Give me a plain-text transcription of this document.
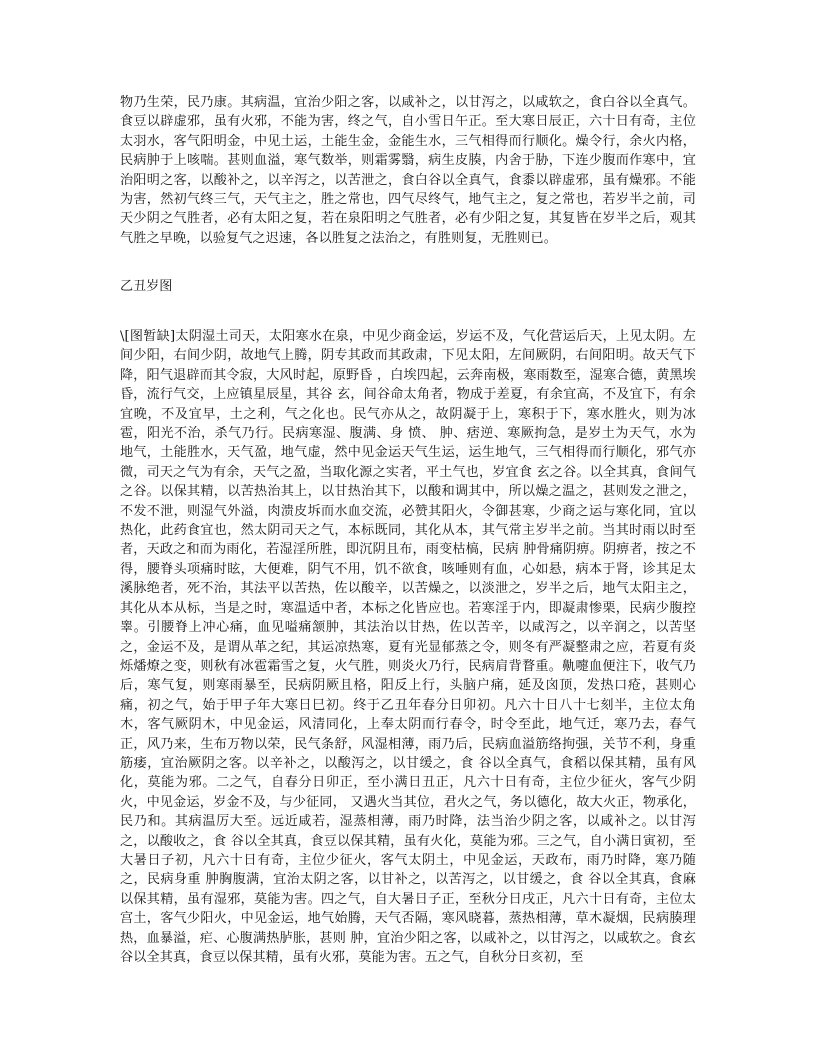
物乃生荣，民乃康。其病温，宜治少阳之客，以咸补之，以甘泻之，以咸软之，食白谷以全真气。食豆以辟虚邪，虽有火邪，不能为害，终之气，自小雪日午正。至大寒日辰正，六十日有奇，主位太羽水，客气阳明金，中见土运，土能生金，金能生水，三气相得而行顺化。燥令行，余火内格，民病肿于上咳喘。甚则血溢，寒气数举，则霜雾翳，病生皮腠，内舍于胁，下连少腹而作寒中，宜治阳明之客，以酸补之，以辛泻之，以苦泄之，食白谷以全真气，食黍以辟虚邪，虽有燥邪。不能为害，然初气终三气，天气主之，胜之常也，四气尽终气，地气主之，复之常也，若岁半之前，司天少阴之气胜者，必有太阳之复，若在泉阳明之气胜者，必有少阳之复，其复皆在岁半之后，观其气胜之早晚，以验复气之迟速，各以胜复之法治之，有胜则复，无胜则已。

乙丑岁图

\[图暂缺]太阴湿土司天，太阳寒水在泉，中见少商金运，岁运不及，气化营运后天，上见太阴。左间少阳，右间少阴，故地气上腾，阴专其政而其政肃，下见太阳，左间厥阴，右间阳明。故天气下降，阳气退辟而其令寂，大风时起，原野昏 ，白埃四起，云奔南极，寒雨数至，湿寒合德，黄黑埃昏，流行气交，上应镇星辰星，其谷 玄，间谷命太角者，物成于差夏，有余宜高，不及宜下，有余宜晚，不及宜早，土之利，气之化也。民气亦从之，故阴凝于上，寒积于下，寒水胜火，则为冰雹，阳光不治，杀气乃行。民病寒湿、腹满、身 愤、 肿、痞逆、寒厥拘急，是岁土为天气，水为地气，土能胜水，天气盈，地气虚，然中见金运天气生运，运生地气，三气相得而行顺化，邪气亦微，司天之气为有余，天气之盈，当取化源之实者，平土气也，岁宜食 玄之谷。以全其真，食间气之谷。以保其精，以苦热治其上，以甘热治其下，以酸和调其中，所以燥之温之，甚则发之泄之，不发不泄，则湿气外溢，肉溃皮坼而水血交流，必赞其阳火，令御甚寒，少商之运与寒化同，宜以热化，此药食宜也，然太阴司天之气，本标既同，其化从本，其气常主岁半之前。当其时雨以时至者，天政之和而为雨化，若湿淫所胜，即沉阴且布，雨变枯槁，民病 肿骨痛阴痹。阴痹者，按之不得，腰脊头项痛时眩，大便难，阴气不用，饥不欲食，咳唾则有血，心如悬，病本于肾，诊其足太溪脉绝者，死不治，其法平以苦热，佐以酸辛，以苦燥之，以淡泄之，岁半之后，地气太阳主之，其化从本从标，当是之时，寒温适中者，本标之化皆应也。若寒淫于内，即凝肃惨栗，民病少腹控睾。引腰脊上冲心痛，血见嗌痛颔肿，其法治以甘热，佐以苦辛，以咸泻之，以辛润之，以苦坚之，金运不及，是谓从革之纪，其运凉热寒，夏有光显郁蒸之令，则冬有严凝整肃之应，若夏有炎烁燔燎之变，则秋有冰雹霜雪之复，火气胜，则炎火乃行，民病肩背瞀重。鼽嚏血便注下，收气乃后，寒气复，则寒雨暴至，民病阴厥且格，阳反上行，头脑户痛，延及囟顶，发热口疮，甚则心痛，初之气，始于甲子年大寒日巳初。终于乙丑年春分日卯初。凡六十日八十七刻半，主位太角木，客气厥阴木，中见金运，风清同化，上奉太阴而行春令，时令至此，地气迁，寒乃去，春气正，风乃来，生布万物以荣，民气条舒，风湿相薄，雨乃后，民病血溢筋络拘强，关节不利，身重筋痿，宜治厥阴之客。以辛补之，以酸泻之，以甘缓之，食 谷以全真气，食稻以保其精，虽有风化，莫能为邪。二之气，自春分日卯正，至小满日丑正，凡六十日有奇，主位少征火，客气少阴火，中见金运，岁金不及，与少征同， 又遇火当其位，君火之气，务以德化，故大火正，物承化，民乃和。其病温厉大至。远近咸若，湿蒸相薄，雨乃时降，法当治少阴之客，以咸补之。以甘泻之，以酸收之，食 谷以全其真，食豆以保其精，虽有火化，莫能为邪。三之气，自小满日寅初，至大暑日子初，凡六十日有奇，主位少征火，客气太阴土，中见金运，天政布，雨乃时降，寒乃随之，民病身重 肿胸腹满，宜治太阴之客，以甘补之，以苦泻之，以甘缓之，食 谷以全其真，食麻以保其精，虽有湿邪，莫能为害。四之气，自大暑日子正，至秋分日戌正，凡六十日有奇，主位太宫土，客气少阳火，中见金运，地气始腾，天气否隔，寒风晓暮，蒸热相薄，草木凝烟，民病腠理热，血暴溢，疟、心腹满热胪胀，甚则 肿，宜治少阳之客，以咸补之，以甘泻之，以咸软之。食玄谷以全其真，食豆以保其精，虽有火邪，莫能为害。五之气，自秋分日亥初，至
